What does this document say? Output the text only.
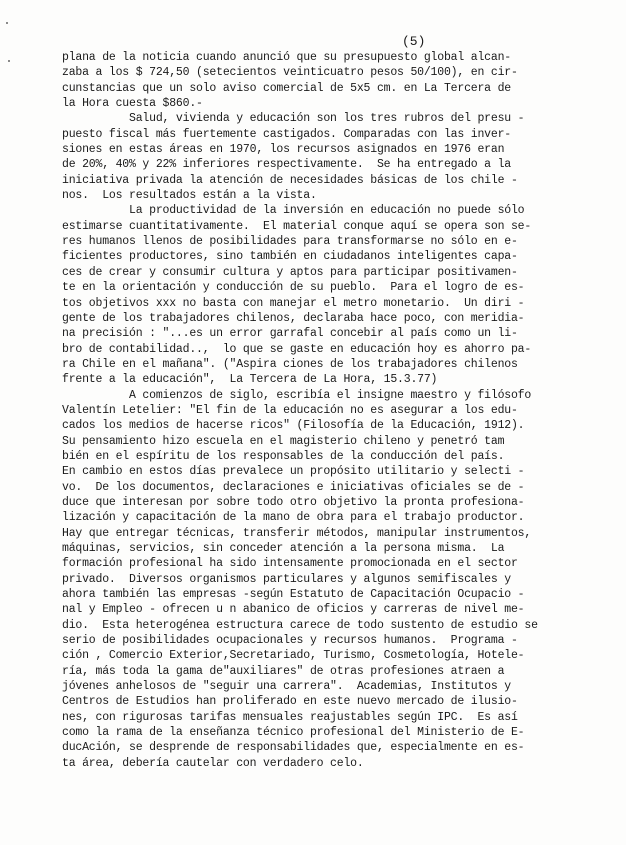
(5)
plana de la noticia cuando anunció que su presupuesto global alcan-
zaba a los $ 724,50 (setecientos veinticuatro pesos 50/100), en cir-
cunstancias que un solo aviso comercial de 5x5 cm. en La Tercera de
la Hora cuesta $860.-
Salud, vivienda y educación son los tres rubros del presu -
puesto fiscal más fuertemente castigados. Comparadas con las inver-
siones en estas áreas en 1970, los recursos asignados en 1976 eran
de 20%, 40% y 22% inferiores respectivamente.  Se ha entregado a la
iniciativa privada la atención de necesidades básicas de los chile -
nos.  Los resultados están a la vista.
La productividad de la inversión en educación no puede sólo
estimarse cuantitativamente.  El material conque aquí se opera son se-
res humanos llenos de posibilidades para transformarse no sólo en e-
ficientes productores, sino también en ciudadanos inteligentes capa-
ces de crear y consumir cultura y aptos para participar positivamen-
te en la orientación y conducción de su pueblo.  Para el logro de es-
tos objetivos xxx no basta con manejar el metro monetario.  Un diri -
gente de los trabajadores chilenos, declaraba hace poco, con meridia-
na precisión : "...es un error garrafal concebir al país como un li-
bro de contabilidad..,  lo que se gaste en educación hoy es ahorro pa-
ra Chile en el mañana". ("Aspira ciones de los trabajadores chilenos
frente a la educación",  La Tercera de La Hora, 15.3.77)
A comienzos de siglo, escribía el insigne maestro y filósofo
Valentín Letelier: "El fin de la educación no es asegurar a los edu-
cados los medios de hacerse ricos" (Filosofía de la Educación, 1912).
Su pensamiento hizo escuela en el magisterio chileno y penetró tam
bién en el espíritu de los responsables de la conducción del país.
En cambio en estos días prevalece un propósito utilitario y selecti -
vo.  De los documentos, declaraciones e iniciativas oficiales se de -
duce que interesan por sobre todo otro objetivo la pronta profesiona-
lización y capacitación de la mano de obra para el trabajo productor.
Hay que entregar técnicas, transferir métodos, manipular instrumentos,
máquinas, servicios, sin conceder atención a la persona misma.  La
formación profesional ha sido intensamente promocionada en el sector
privado.  Diversos organismos particulares y algunos semifiscales y
ahora también las empresas -según Estatuto de Capacitación Ocupacio -
nal y Empleo - ofrecen u n abanico de oficios y carreras de nivel me-
dio.  Esta heterogénea estructura carece de todo sustento de estudio se
serio de posibilidades ocupacionales y recursos humanos.  Programa -
ción , Comercio Exterior,Secretariado, Turismo, Cosmetología, Hotele-
ría, más toda la gama de"auxiliares" de otras profesiones atraen a
jóvenes anhelosos de "seguir una carrera".  Academias, Institutos y
Centros de Estudios han proliferado en este nuevo mercado de ilusio-
nes, con rigurosas tarifas mensuales reajustables según IPC.  Es así
como la rama de la enseñanza técnico profesional del Ministerio de E-
ducAción, se desprende de responsabilidades que, especialmente en es-
ta área, debería cautelar con verdadero celo.
